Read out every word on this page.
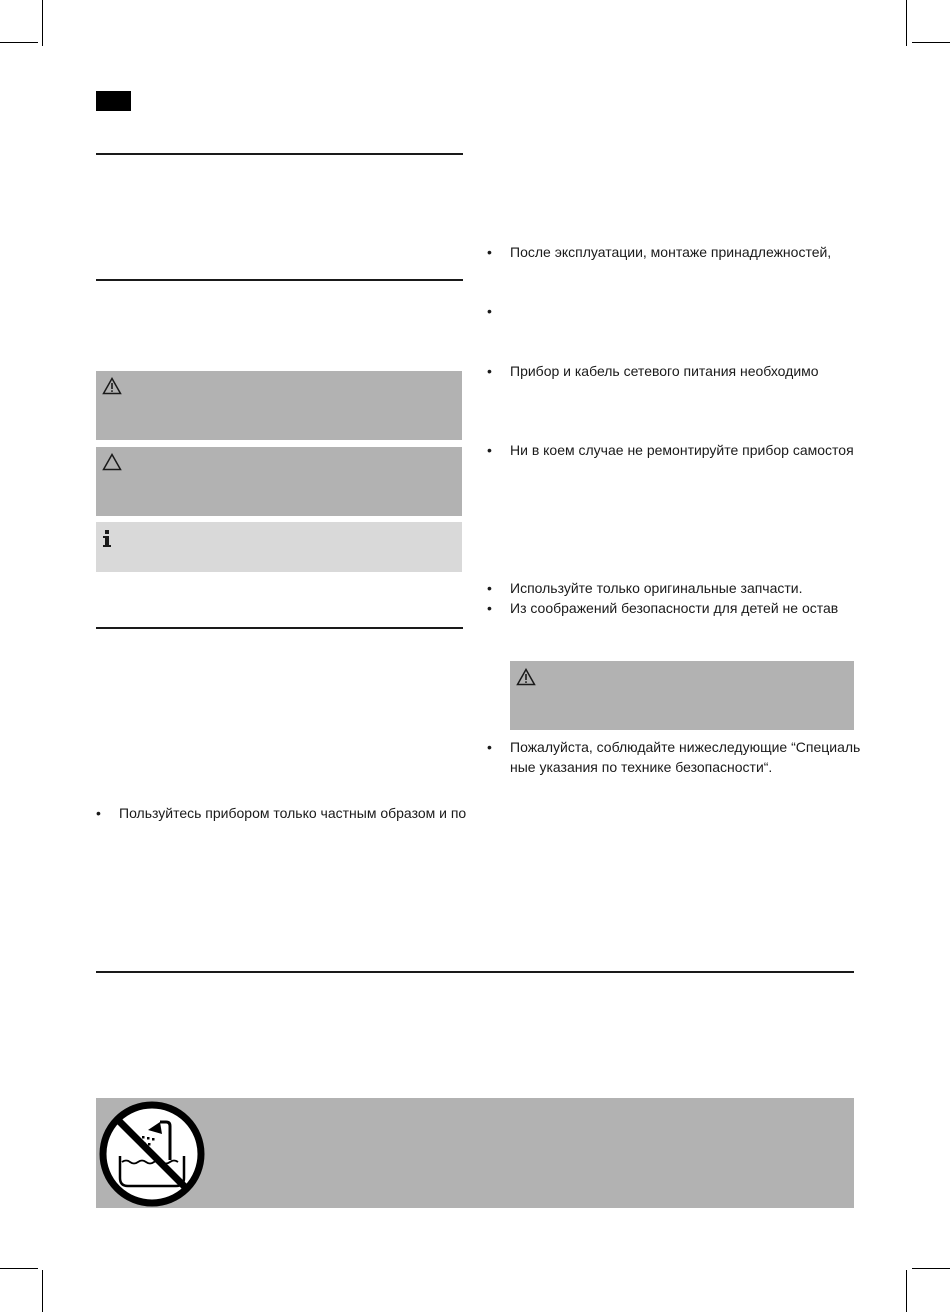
• Пользуйтесь прибором только частным образом и по
• После эксплуатации, монтаже принадлежностей,
•
• Прибор и кабель сетевого питания необходимо
• Ни в коем случае не ремонтируйте прибор самостоя
• Используйте только оригинальные запчасти.
• Из соображений безопасности для детей не остав
• Пожалуйста, соблюдайте нижеследующие “Специаль
ные указания по технике безопасности“.
